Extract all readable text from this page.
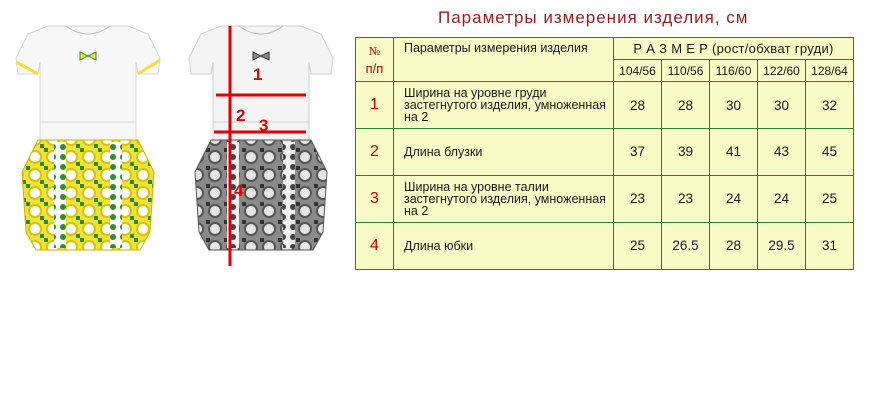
Параметры измерения изделия, см
1
2
3
4
№
п/п	Параметры измерения изделия	Р А З М Е Р (рост/обхват груди)				
		104/56	110/56	116/60	122/60	128/64
1	Ширина на уровне груди застегнутого изделия, умноженная на 2	28	28	30	30	32
2	Длина блузки	37	39	41	43	45
3	Ширина на уровне талии застегнутого изделия, умноженная на 2	23	23	24	24	25
4	Длина юбки	25	26.5	28	29.5	31
